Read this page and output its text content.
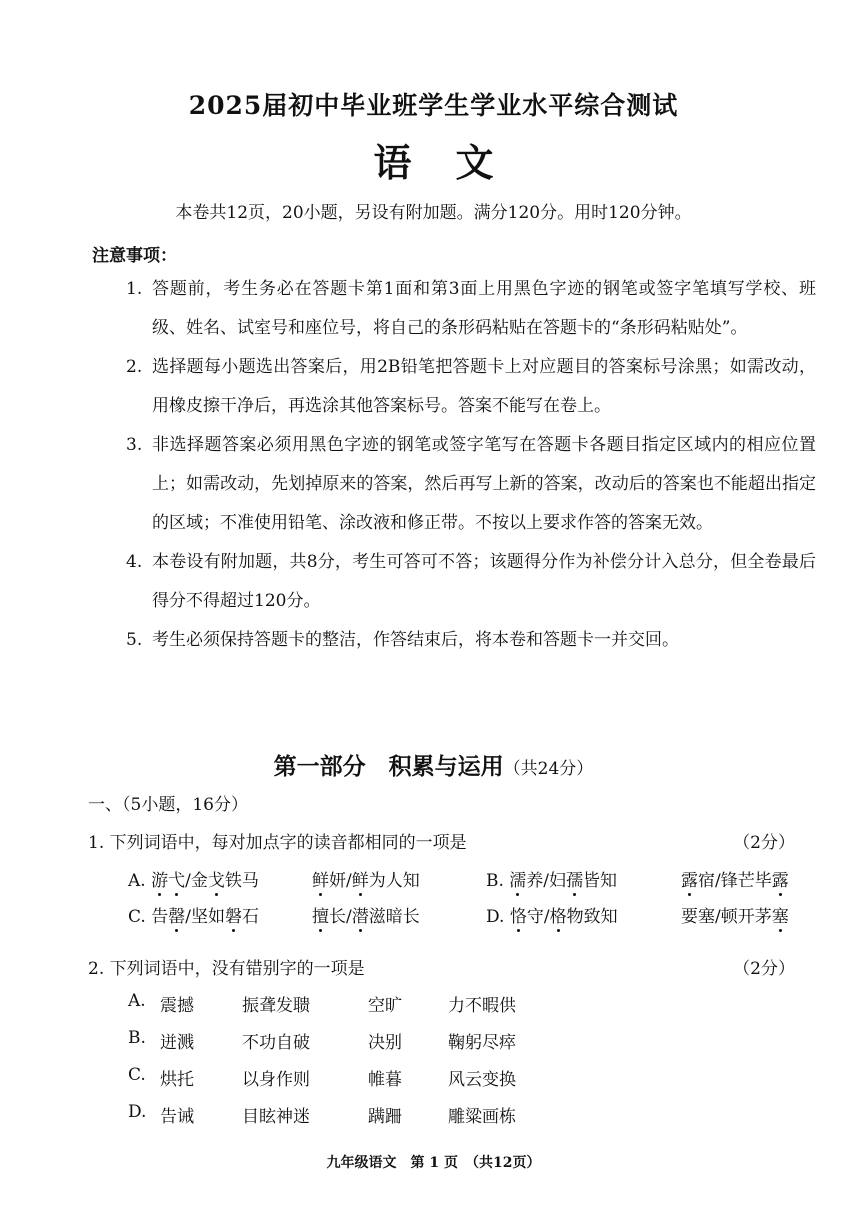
2025届初中毕业班学生学业水平综合测试
语文
本卷共12页，20小题，另设有附加题。满分120分。用时120分钟。
注意事项：
1. 答题前，考生务必在答题卡第1面和第3面上用黑色字迹的钢笔或签字笔填写学校、班级、姓名、试室号和座位号，将自己的条形码粘贴在答题卡的“条形码粘贴处”。
2. 选择题每小题选出答案后，用2B铅笔把答题卡上对应题目的答案标号涂黑；如需改动，用橡皮擦干净后，再选涂其他答案标号。答案不能写在卷上。
3. 非选择题答案必须用黑色字迹的钢笔或签字笔写在答题卡各题目指定区域内的相应位置上；如需改动，先划掉原来的答案，然后再写上新的答案，改动后的答案也不能超出指定的区域；不准使用铅笔、涂改液和修正带。不按以上要求作答的答案无效。
4. 本卷设有附加题，共8分，考生可答可不答；该题得分作为补偿分计入总分，但全卷最后得分不得超过120分。
5. 考生必须保持答题卡的整洁，作答结束后，将本卷和答题卡一并交回。
第一部分　积累与运用（共24分）
一、（5小题，16分）
1. 下列词语中，每对加点字的读音都相同的一项是	（2分）
A. 游弋/金戈铁马	鲜妍/鲜为人知	B. 濡养/妇孺皆知	露宿/锋芒毕露
C. 告罄/坚如磐石	擅长/潜滋暗长	D. 恪守/格物致知	要塞/顿开茅塞
2. 下列词语中，没有错别字的一项是	（2分）
A. 震撼	振聋发聩	空旷	力不暇供
B. 迸溅	不功自破	决别	鞠躬尽瘁
C. 烘托	以身作则	帷暮	风云变换
D. 告诫	目眩神迷	蹒跚	雕粱画栋
九年级语文　第 1 页　（共12页）
